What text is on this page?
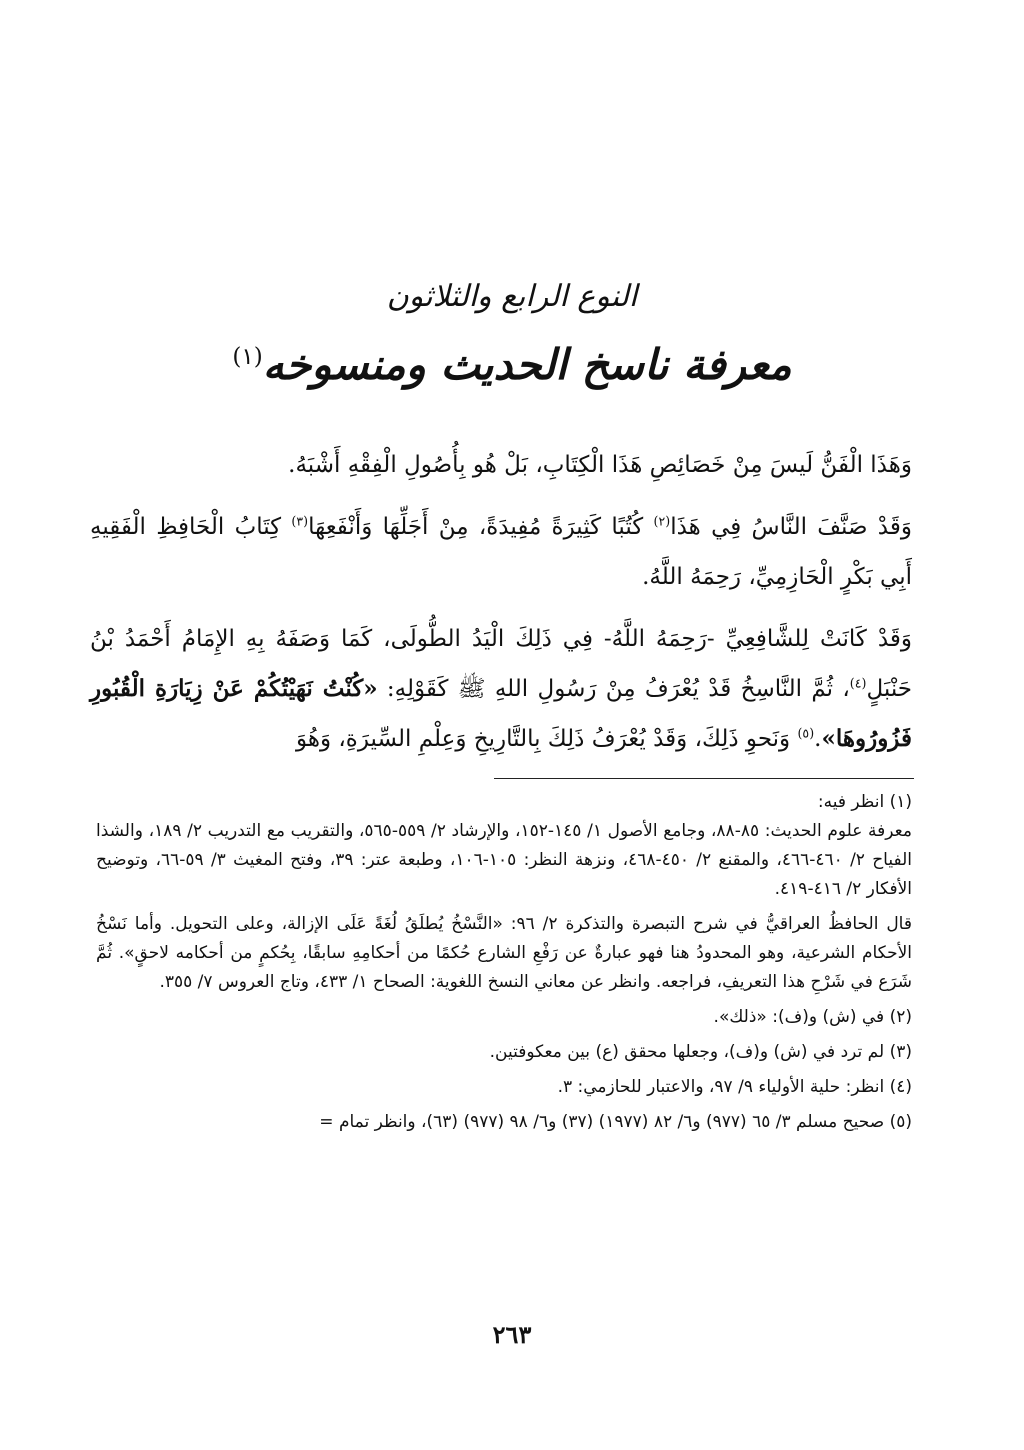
النوع الرابع والثلاثون
معرفة ناسخ الحديث ومنسوخه$^{(١)}$

وَهَذَا الْفَنُّ لَيسَ مِنْ خَصَائِصِ هَذَا الْكِتَابِ، بَلْ هُو بِأُصُولِ الْفِقْهِ أَشْبَهُ.

وَقَدْ صَنَّفَ النَّاسُ فِي هَذَا$^{(٢)}$ كُتُبًا كَثِيرَةً مُفِيدَةً، مِنْ أَجَلِّهَا وَأَنْفَعِهَا$^{(٣)}$ كِتَابُ الْحَافِظِ الْفَقِيهِ أَبِي بَكْرٍ الْحَازِمِيِّ، رَحِمَهُ اللَّهُ.

وَقَدْ كَانَتْ لِلشَّافِعِيِّ -رَحِمَهُ اللَّهُ- فِي ذَلِكَ الْيَدُ الطُّولَى، كَمَا وَصَفَهُ بِهِ الإِمَامُ أَحْمَدُ بْنُ حَنْبَلٍ$^{(٤)}$، ثُمَّ النَّاسِخُ قَدْ يُعْرَفُ مِنْ رَسُولِ اللهِ ﷺ كَقَوْلِهِ: «كُنْتُ نَهَيْتُكُمْ عَنْ زِيَارَةِ الْقُبُورِ فَزُورُوهَا».$^{(٥)}$ وَنَحوِ ذَلِكَ، وَقَدْ يُعْرَفُ ذَلِكَ بِالتَّارِيخِ وَعِلْمِ السِّيرَةِ، وَهُوَ

(١) انظر فيه:

معرفة علوم الحديث: ٨٥-٨٨، وجامع الأصول ١/ ١٤٥-١٥٢، والإرشاد ٢/ ٥٥٩-٥٦٥، والتقريب مع التدريب ٢/ ١٨٩، والشذا الفياح ٢/ ٤٦٠-٤٦٦، والمقنع ٢/ ٤٥٠-٤٦٨، ونزهة النظر: ١٠٥-١٠٦، وطبعة عتر: ٣٩، وفتح المغيث ٣/ ٥٩-٦٦، وتوضيح الأفكار ٢/ ٤١٦-٤١٩.

قال الحافظُ العراقيُّ في شرح التبصرة والتذكرة ٢/ ٩٦: «النَّسْخُ يُطلَقُ لُغَةً عَلَى الإزالة، وعلى التحويل. وأما نَسْخُ الأحكام الشرعية، وهو المحدودُ هنا فهو عبارةٌ عن رَفْعِ الشارع حُكمًا من أحكامِهِ سابقًا، بِحُكمٍ من أحكامه لاحقٍ». ثُمَّ شَرَع في شَرْحِ هذا التعريفِ، فراجعه. وانظر عن معاني النسخ اللغوية: الصحاح ١/ ٤٣٣، وتاج العروس ٧/ ٣٥٥.

(٢) في (ش) و(ف): «ذلك».

(٣) لم ترد في (ش) و(ف)، وجعلها محقق (ع) بين معكوفتين.

(٤) انظر: حلية الأولياء ٩/ ٩٧، والاعتبار للحازمي: ٣.

(٥) صحيح مسلم ٣/ ٦٥ (٩٧٧) و٦/ ٨٢ (١٩٧٧) (٣٧) و٦/ ٩٨ (٩٧٧) (٦٣)، وانظر تمام =

٢٦٣
